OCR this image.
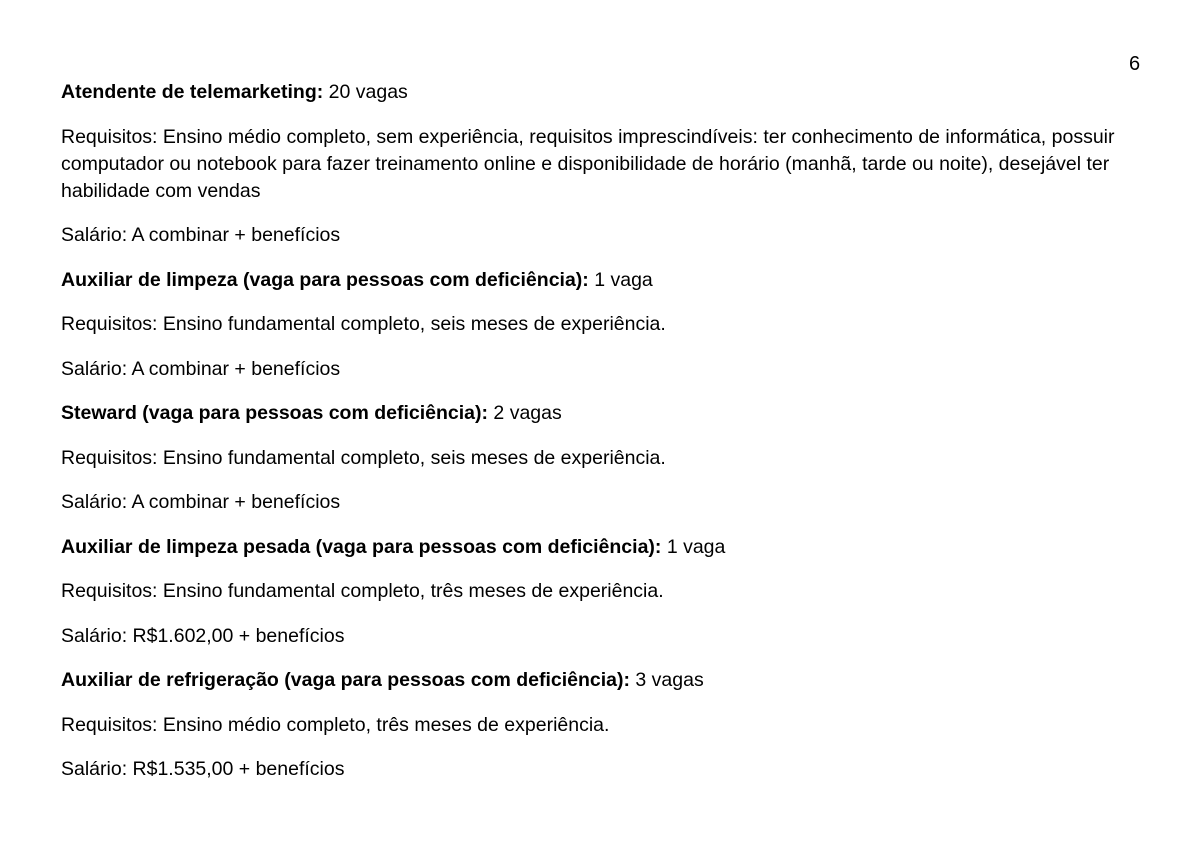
6

Atendente de telemarketing: 20 vagas

Requisitos: Ensino médio completo, sem experiência, requisitos imprescindíveis: ter conhecimento de informática, possuir computador ou notebook para fazer treinamento online e disponibilidade de horário (manhã, tarde ou noite), desejável ter habilidade com vendas

Salário: A combinar + benefícios

Auxiliar de limpeza (vaga para pessoas com deficiência): 1 vaga

Requisitos: Ensino fundamental completo, seis meses de experiência.

Salário: A combinar + benefícios

Steward (vaga para pessoas com deficiência): 2 vagas

Requisitos: Ensino fundamental completo, seis meses de experiência.

Salário: A combinar + benefícios

Auxiliar de limpeza pesada (vaga para pessoas com deficiência): 1 vaga

Requisitos: Ensino fundamental completo, três meses de experiência.

Salário: R$1.602,00 + benefícios

Auxiliar de refrigeração (vaga para pessoas com deficiência): 3 vagas

Requisitos: Ensino médio completo, três meses de experiência.

Salário: R$1.535,00 + benefícios
